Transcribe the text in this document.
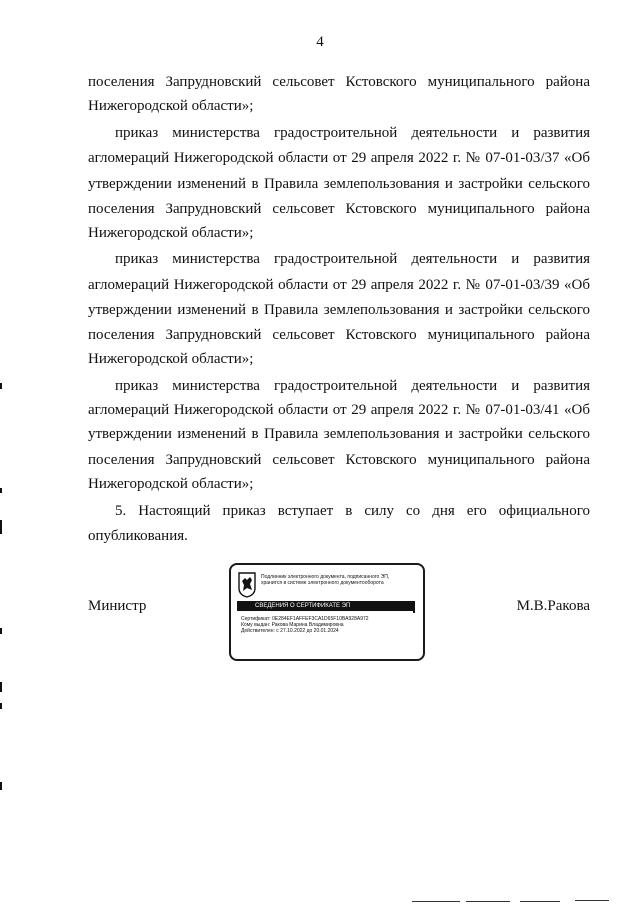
4
поселения Запрудновский сельсовет Кстовского муниципального района
Нижегородской области»;
приказ министерства градостроительной деятельности и развития
агломераций Нижегородской области от 29 апреля 2022 г. № 07-01-03/37 «Об
утверждении изменений в Правила землепользования и застройки сельского
поселения Запрудновский сельсовет Кстовского муниципального района
Нижегородской области»;
приказ министерства градостроительной деятельности и развития
агломераций Нижегородской области от 29 апреля 2022 г. № 07-01-03/39 «Об
утверждении изменений в Правила землепользования и застройки сельского
поселения Запрудновский сельсовет Кстовского муниципального района
Нижегородской области»;
приказ министерства градостроительной деятельности и развития
агломераций Нижегородской области от 29 апреля 2022 г. № 07-01-03/41 «Об
утверждении изменений в Правила землепользования и застройки сельского
поселения Запрудновский сельсовет Кстовского муниципального района
Нижегородской области»;
5. Настоящий приказ вступает в силу со дня его официального
опубликования.
Министр	М.В.Ракова
Подлинник электронного документа, подписанного ЭП,
хранится в системе электронного документооборота
СВЕДЕНИЯ О СЕРТИФИКАТЕ ЭП
Сертификат: 0E284EF1AFFEF3CA1D65F10BA928A972
Кому выдан: Ракова Марина Владимировна
Действителен: с 27.10.2022 до 20.01.2024
